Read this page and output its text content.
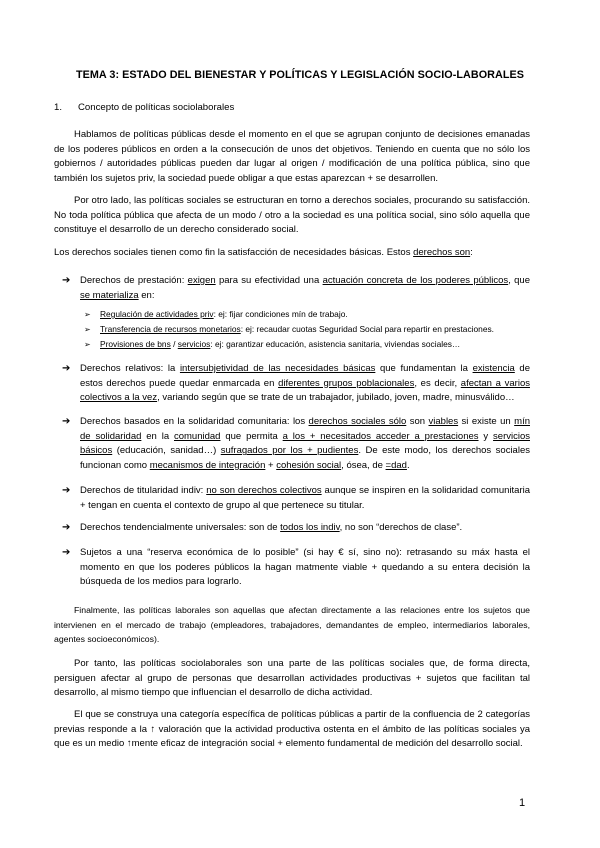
TEMA 3: ESTADO DEL BIENESTAR Y POLÍTICAS Y LEGISLACIÓN SOCIO-LABORALES
1. Concepto de políticas sociolaborales

Hablamos de políticas públicas desde el momento en el que se agrupan conjunto de decisiones emanadas de los poderes públicos en orden a la consecución de unos det objetivos. Teniendo en cuenta que no sólo los gobiernos / autoridades públicas pueden dar lugar al origen / modificación de una política pública, sino que también los sujetos priv, la sociedad puede obligar a que estas aparezcan + se desarrollen.

Por otro lado, las políticas sociales se estructuran en torno a derechos sociales, procurando su satisfacción. No toda política pública que afecta de un modo / otro a la sociedad es una política social, sino sólo aquella que constituye el desarrollo de un derecho considerado social.

Los derechos sociales tienen como fin la satisfacción de necesidades básicas. Estos derechos son:

➔ Derechos de prestación: exigen para su efectividad una actuación concreta de los poderes públicos, que se materializa en:
➢ Regulación de actividades priv: ej: fijar condiciones mín de trabajo.
➢ Transferencia de recursos monetarios: ej: recaudar cuotas Seguridad Social para repartir en prestaciones.
➢ Provisiones de bns / servicios: ej: garantizar educación, asistencia sanitaria, viviendas sociales…
➔ Derechos relativos: la intersubjetividad de las necesidades básicas que fundamentan la existencia de estos derechos puede quedar enmarcada en diferentes grupos poblacionales, es decir, afectan a varios colectivos a la vez, variando según que se trate de un trabajador, jubilado, joven, madre, minusválido…
➔ Derechos basados en la solidaridad comunitaria: los derechos sociales sólo son viables si existe un mín de solidaridad en la comunidad que permita a los + necesitados acceder a prestaciones y servicios básicos (educación, sanidad…) sufragados por los + pudientes. De este modo, los derechos sociales funcionan como mecanismos de integración + cohesión social, ósea, de =dad.
➔ Derechos de titularidad indiv: no son derechos colectivos aunque se inspiren en la solidaridad comunitaria + tengan en cuenta el contexto de grupo al que pertenece su titular.
➔ Derechos tendencialmente universales: son de todos los indiv, no son “derechos de clase”.
➔ Sujetos a una “reserva económica de lo posible” (si hay € sí, sino no): retrasando su máx hasta el momento en que los poderes públicos la hagan matmente viable + quedando a su entera decisión la búsqueda de los medios para lograrlo.

Finalmente, las políticas laborales son aquellas que afectan directamente a las relaciones entre los sujetos que intervienen en el mercado de trabajo (empleadores, trabajadores, demandantes de empleo, intermediarios laborales, agentes socioeconómicos).

Por tanto, las políticas sociolaborales son una parte de las políticas sociales que, de forma directa, persiguen afectar al grupo de personas que desarrollan actividades productivas + sujetos que facilitan tal desarrollo, al mismo tiempo que influencian el desarrollo de dicha actividad.

El que se construya una categoría específica de políticas públicas a partir de la confluencia de 2 categorías previas responde a la ↑ valoración que la actividad productiva ostenta en el ámbito de las políticas sociales ya que es un medio ↑mente eficaz de integración social + elemento fundamental de medición del desarrollo social.

1
